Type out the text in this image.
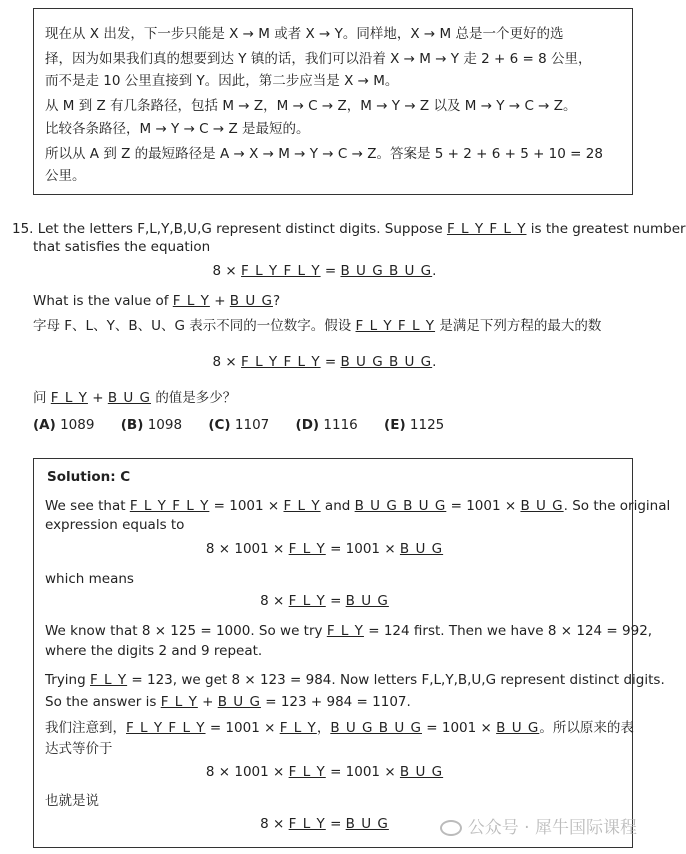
现在从 X 出发，下一步只能是 X → M 或者 X → Y。同样地，X → M 总是一个更好的选
择，因为如果我们真的想要到达 Y 镇的话，我们可以沿着 X → M → Y 走 2 + 6 = 8 公里，
而不是走 10 公里直接到 Y。因此，第二步应当是 X → M。
从 M 到 Z 有几条路径，包括 M → Z，M → C → Z，M → Y → Z 以及 M → Y → C → Z。
比较各条路径，M → Y → C → Z 是最短的。
所以从 A 到 Z 的最短路径是 A → X → M → Y → C → Z。答案是 5 + 2 + 6 + 5 + 10 = 28
公里。
15. Let the letters F,L,Y,B,U,G represent distinct digits. Suppose F L Y F L Y is the greatest number
that satisfies the equation
8 × F L Y F L Y = B U G B U G.
What is the value of F L Y + B U G?
字母 F、L、Y、B、U、G 表示不同的一位数字。假设 F L Y F L Y 是满足下列方程的最大的数
8 × F L Y F L Y = B U G B U G.
问 F L Y + B U G 的值是多少？
(A) 1089 (B) 1098 (C) 1107 (D) 1116 (E) 1125
Solution: C
We see that F L Y F L Y = 1001 × F L Y and B U G B U G = 1001 × B U G. So the original
expression equals to
8 × 1001 × F L Y = 1001 × B U G
which means
8 × F L Y = B U G
We know that 8 × 125 = 1000. So we try F L Y = 124 first. Then we have 8 × 124 = 992,
where the digits 2 and 9 repeat.
Trying F L Y = 123, we get 8 × 123 = 984. Now letters F,L,Y,B,U,G represent distinct digits.
So the answer is F L Y + B U G = 123 + 984 = 1107.
我们注意到，F L Y F L Y = 1001 × F L Y，B U G B U G = 1001 × B U G。所以原来的表
达式等价于
8 × 1001 × F L Y = 1001 × B U G
也就是说
8 × F L Y = B U G	公众号 · 犀牛国际课程
